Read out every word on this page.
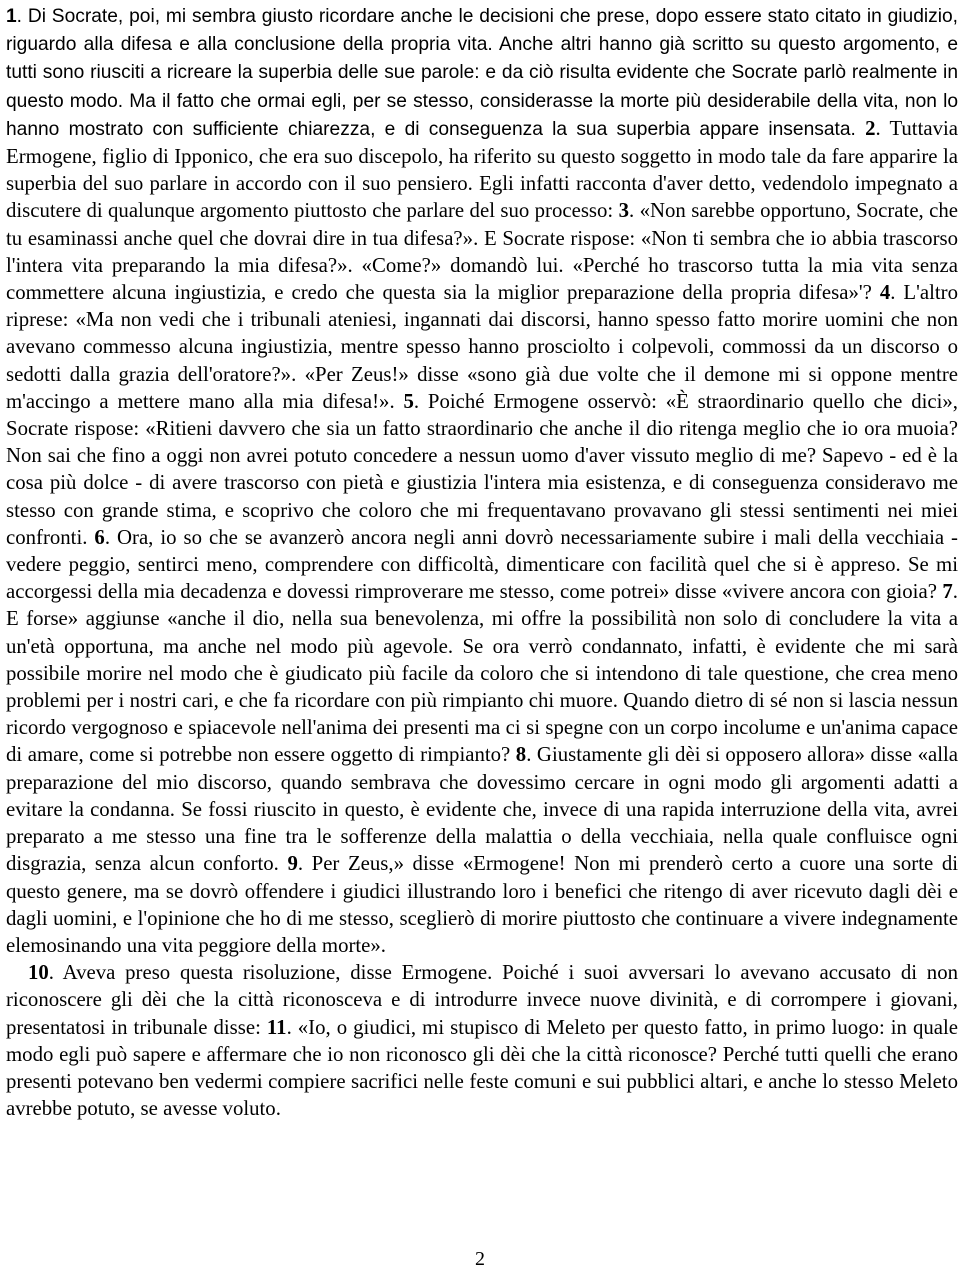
1. Di Socrate, poi, mi sembra giusto ricordare anche le decisioni che prese, dopo essere stato citato in giudizio, riguardo alla difesa e alla conclusione della propria vita. Anche altri hanno già scritto su questo argomento, e tutti sono riusciti a ricreare la superbia delle sue parole: e da ciò risulta evidente che Socrate parlò realmente in questo modo. Ma il fatto che ormai egli, per se stesso, considerasse la morte più desiderabile della vita, non lo hanno mostrato con sufficiente chiarezza, e di conseguenza la sua superbia appare insensata. 2. Tuttavia Ermogene, figlio di Ipponico, che era suo discepolo, ha riferito su questo soggetto in modo tale da fare apparire la superbia del suo parlare in accordo con il suo pensiero. Egli infatti racconta d'aver detto, vedendolo impegnato a discutere di qualunque argomento piuttosto che parlare del suo processo: 3. «Non sarebbe opportuno, Socrate, che tu esaminassi anche quel che dovrai dire in tua difesa?». E Socrate rispose: «Non ti sembra che io abbia trascorso l'intera vita preparando la mia difesa?». «Come?» domandò lui. «Perché ho trascorso tutta la mia vita senza commettere alcuna ingiustizia, e credo che questa sia la miglior preparazione della propria difesa»'? 4. L'altro riprese: «Ma non vedi che i tribunali ateniesi, ingannati dai discorsi, hanno spesso fatto morire uomini che non avevano commesso alcuna ingiustizia, mentre spesso hanno prosciolto i colpevoli, commossi da un discorso o sedotti dalla grazia dell'oratore?». «Per Zeus!» disse «sono già due volte che il demone mi si oppone mentre m'accingo a mettere mano alla mia difesa!». 5. Poiché Ermogene osservò: «È straordinario quello che dici», Socrate rispose: «Ritieni davvero che sia un fatto straordinario che anche il dio ritenga meglio che io ora muoia? Non sai che fino a oggi non avrei potuto concedere a nessun uomo d'aver vissuto meglio di me? Sapevo - ed è la cosa più dolce - di avere trascorso con pietà e giustizia l'intera mia esistenza, e di conseguenza consideravo me stesso con grande stima, e scoprivo che coloro che mi frequentavano provavano gli stessi sentimenti nei miei confronti. 6. Ora, io so che se avanzerò ancora negli anni dovrò necessariamente subire i mali della vecchiaia - vedere peggio, sentirci meno, comprendere con difficoltà, dimenticare con facilità quel che si è appreso. Se mi accorgessi della mia decadenza e dovessi rimproverare me stesso, come potrei» disse «vivere ancora con gioia? 7. E forse» aggiunse «anche il dio, nella sua benevolenza, mi offre la possibilità non solo di concludere la vita a un'età opportuna, ma anche nel modo più agevole. Se ora verrò condannato, infatti, è evidente che mi sarà possibile morire nel modo che è giudicato più facile da coloro che si intendono di tale questione, che crea meno problemi per i nostri cari, e che fa ricordare con più rimpianto chi muore. Quando dietro di sé non si lascia nessun ricordo vergognoso e spiacevole nell'anima dei presenti ma ci si spegne con un corpo incolume e un'anima capace di amare, come si potrebbe non essere oggetto di rimpianto? 8. Giustamente gli dèi si opposero allora» disse «alla preparazione del mio discorso, quando sembrava che dovessimo cercare in ogni modo gli argomenti adatti a evitare la condanna. Se fossi riuscito in questo, è evidente che, invece di una rapida interruzione della vita, avrei preparato a me stesso una fine tra le sofferenze della malattia o della vecchiaia, nella quale confluisce ogni disgrazia, senza alcun conforto. 9. Per Zeus,» disse «Ermogene! Non mi prenderò certo a cuore una sorte di questo genere, ma se dovrò offendere i giudici illustrando loro i benefici che ritengo di aver ricevuto dagli dèi e dagli uomini, e l'opinione che ho di me stesso, sceglierò di morire piuttosto che continuare a vivere indegnamente elemosinando una vita peggiore della morte».

10. Aveva preso questa risoluzione, disse Ermogene. Poiché i suoi avversari lo avevano accusato di non riconoscere gli dèi che la città riconosceva e di introdurre invece nuove divinità, e di corrompere i giovani, presentatosi in tribunale disse: 11. «Io, o giudici, mi stupisco di Meleto per questo fatto, in primo luogo: in quale modo egli può sapere e affermare che io non riconosco gli dèi che la città riconosce? Perché tutti quelli che erano presenti potevano ben vedermi compiere sacrifici nelle feste comuni e sui pubblici altari, e anche lo stesso Meleto avrebbe potuto, se avesse voluto.

2
